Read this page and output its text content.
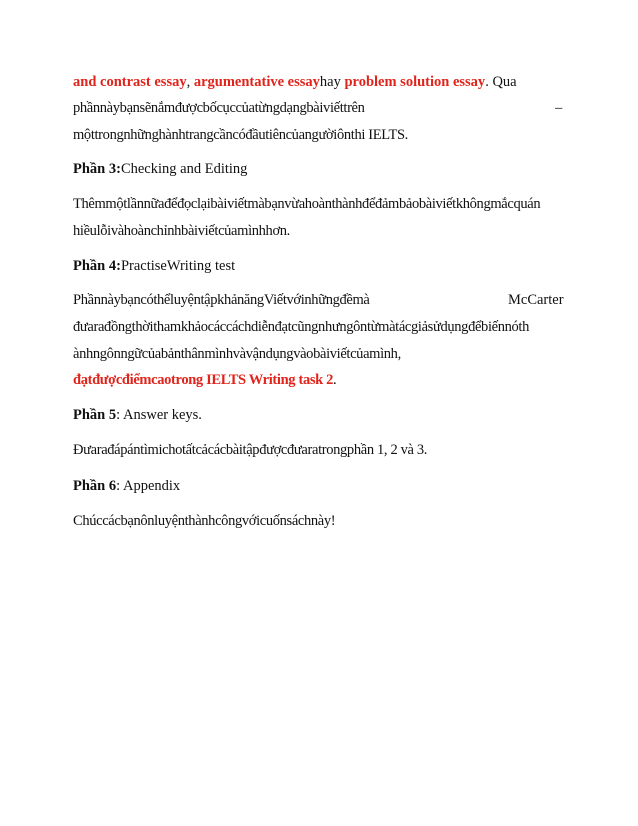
and contrast essay, argumentative essayhay problem solution essay. Qua
phầnnàybạnsẽnắmđượcbốcụccủatừngdạngbàiviếttrên	–
mộttrongnhữnghànhtrangcầncóđầutiêncủangườiônthi IELTS.
Phần 3:Checking and Editing
Thêmmộtlầnnữađểđọclạibàiviếtmàbạnvừahoànthànhđểđảmbảobàiviếtkhôngmắcquán
hiềulỗivàhoànchỉnhbàiviếtcủamìnhhơn.
Phần 4:PractiseWriting test
PhầnnàybạncóthểluyệntậpkhảnăngViếtvớinhữngđềmà	McCarter
đưarađồngthờithamkhảocáccáchdiễnđạtcũngnhưngôntừmàtácgiảsửdụngđểbiếnnóth
ànhngônngữcủabảnthânmìnhvàvậndụngvàobàiviếtcủamình,
đạtđượcđiểmcaotrong IELTS Writing task 2.
Phần 5: Answer keys.
Đưarađápántìmichotấtcảcácbàitậpđượcđưaratrongphần 1, 2 và 3.
Phần 6: Appendix
Chúccácbạnônluyệnthànhcôngvớicuốnsáchnày!
